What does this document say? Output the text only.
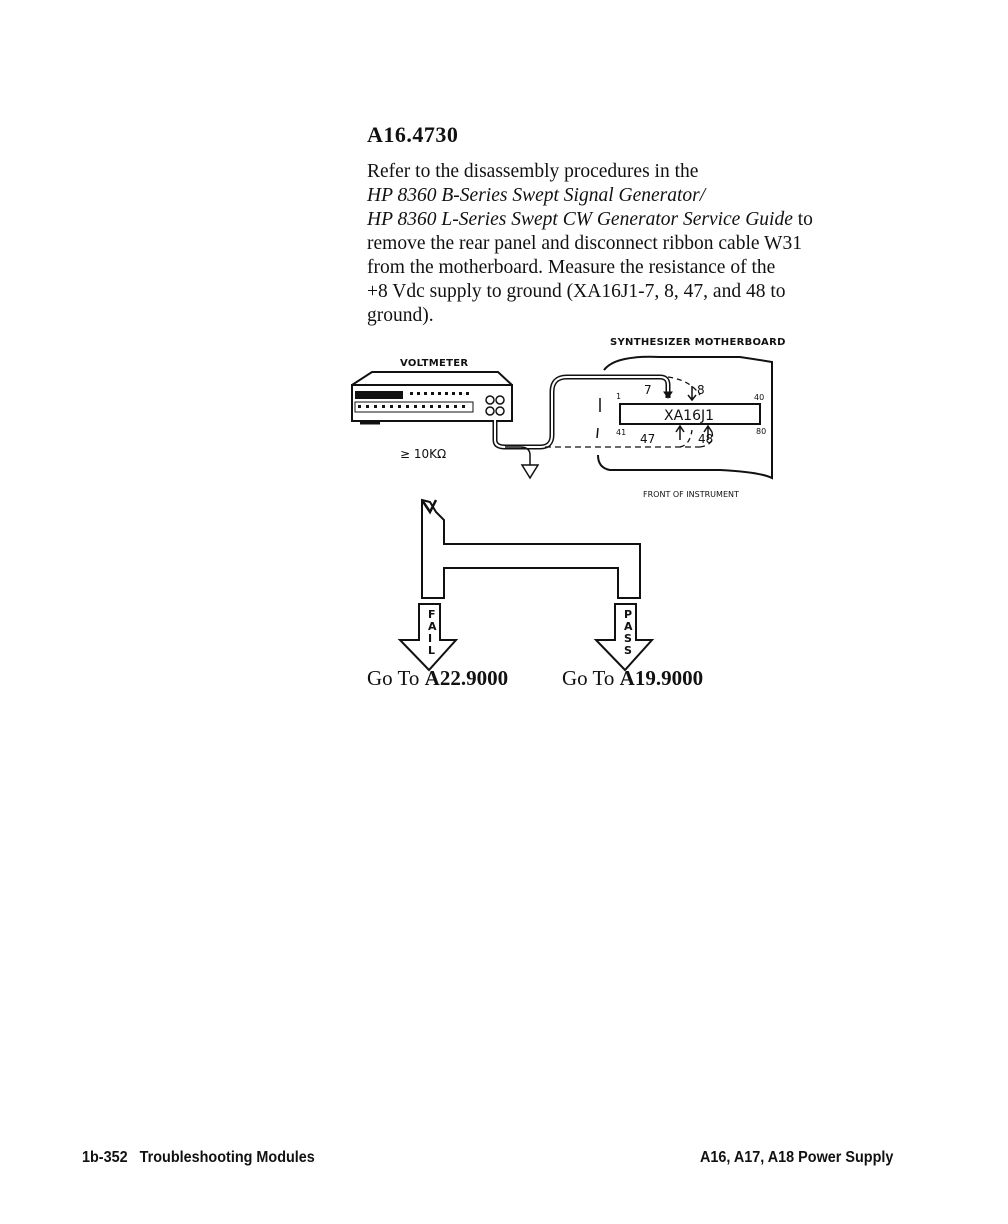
A16.4730
Refer to the disassembly procedures in the
HP 8360 B-Series Swept Signal Generator/
HP 8360 L-Series Swept CW Generator Service Guide to
remove the rear panel and disconnect ribbon cable W31
from the motherboard. Measure the resistance of the
+8 Vdc supply to ground (XA16J1-7, 8, 47, and 48 to
ground).
SYNTHESIZER MOTHERBOARD
VOLTMETER
≥ 10KΩ
1 7	8
40
XA16J1
41 47	48
80
FRONT OF INSTRUMENT
F
A
I
L
P
A
S
S
Go To A22.9000	Go To A19.9000
1b-352   Troubleshooting Modules	A16, A17, A18 Power Supply
